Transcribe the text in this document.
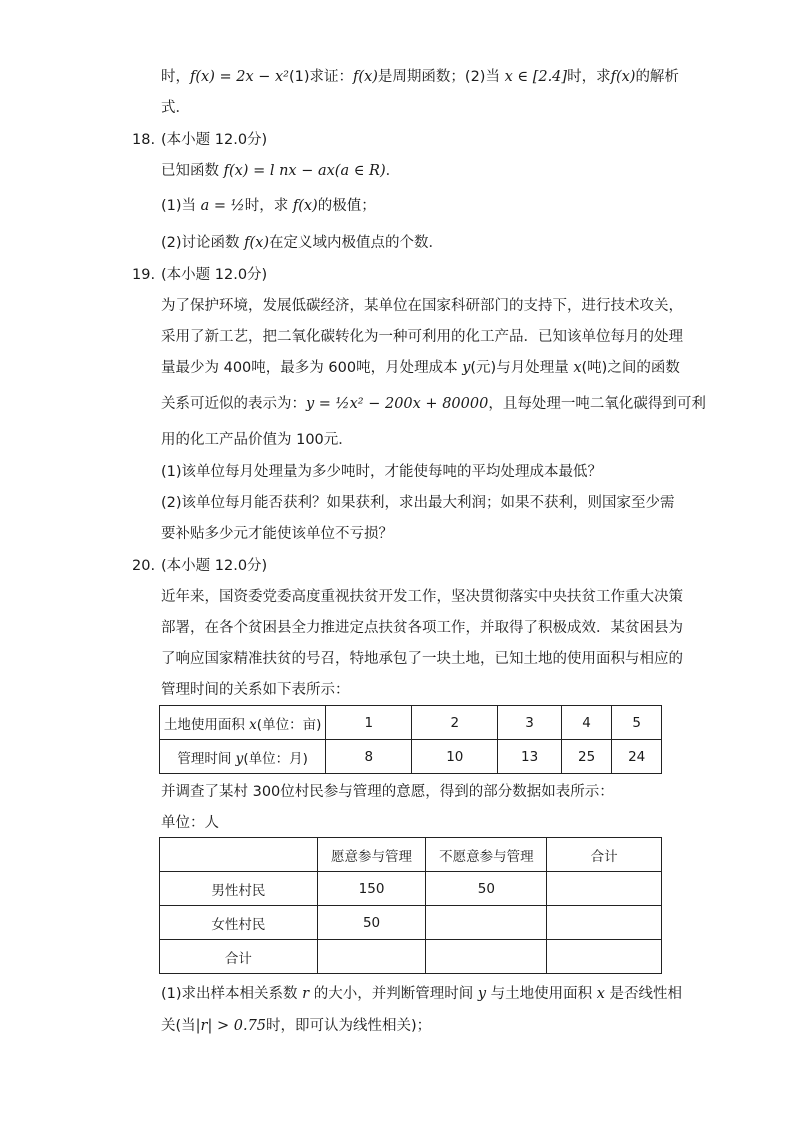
时，f(x) = 2x − x²(1)求证：f(x)是周期函数；(2)当 x ∈ [2.4]时，求f(x)的解析
式．
18. (本小题 12.0分)
已知函数 f(x) = l nx − ax(a ∈ R)．
(1)当 a = ½时，求 f(x)的极值；
(2)讨论函数 f(x)在定义域内极值点的个数．
19. (本小题 12.0分)
为了保护环境，发展低碳经济，某单位在国家科研部门的支持下，进行技术攻关，
采用了新工艺，把二氧化碳转化为一种可利用的化工产品．已知该单位每月的处理
量最少为 400吨，最多为 600吨，月处理成本 y(元)与月处理量 x(吨)之间的函数
关系可近似的表示为：y = ½x² − 200x + 80000，且每处理一吨二氧化碳得到可利
用的化工产品价值为 100元．
(1)该单位每月处理量为多少吨时，才能使每吨的平均处理成本最低？
(2)该单位每月能否获利？如果获利，求出最大利润；如果不获利，则国家至少需
要补贴多少元才能使该单位不亏损？
20. (本小题 12.0分)
近年来，国资委党委高度重视扶贫开发工作，坚决贯彻落实中央扶贫工作重大决策
部署，在各个贫困县全力推进定点扶贫各项工作，并取得了积极成效．某贫困县为
了响应国家精准扶贫的号召，特地承包了一块土地，已知土地的使用面积与相应的
管理时间的关系如下表所示：
土地使用面积 x(单位：亩)	1	2	3	4	5
管理时间 y(单位：月)	8	10	13	25	24
并调查了某村 300位村民参与管理的意愿，得到的部分数据如表所示：
单位：人
	愿意参与管理	不愿意参与管理	合计
男性村民	150	50	
女性村民	50		
合计			
(1)求出样本相关系数 r 的大小，并判断管理时间 y 与土地使用面积 x 是否线性相
关(当|r| > 0.75时，即可认为线性相关)；
